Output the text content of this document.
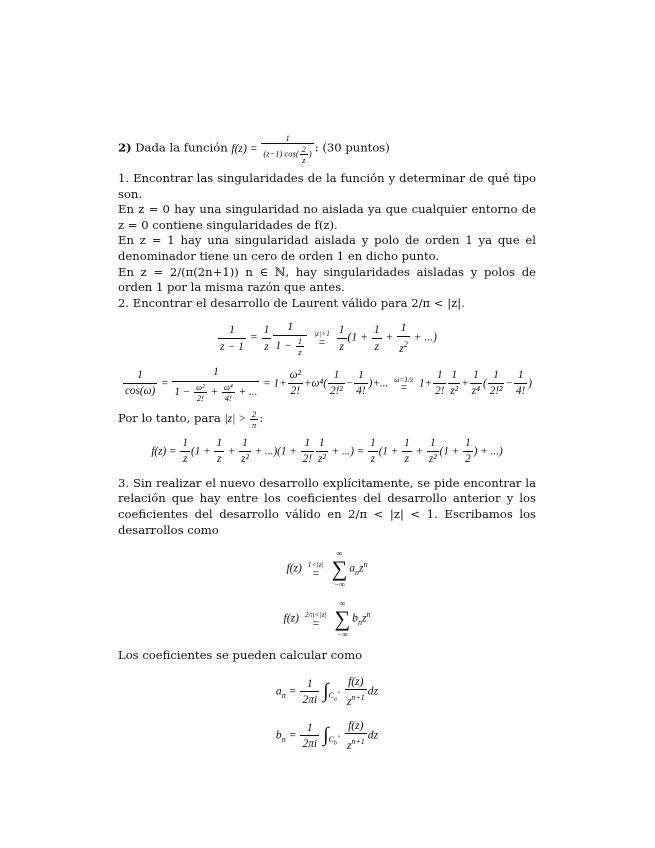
2) Dada la función $f(z) = \frac{1}{(z-1) \cos( \frac{2}{z} )}$ : (30 puntos)
1. Encontrar las singularidades de la función y determinar de qué tipo son.
En z = 0 hay una singularidad no aislada ya que cualquier entorno de z = 0 contiene singularidades de f(z).
En z = 1 hay una singularidad aislada y polo de orden 1 ya que el denominador tiene un cero de orden 1 en dicho punto.
En z = 2/(π(2n+1)) n ∈ ℕ, hay singularidades aisladas y polos de orden 1 por la misma razón que antes.
2. Encontrar el desarrollo de Laurent válido para 2/π < |z|.
$\frac{1}{z - 1} = \frac{1}{z} \frac{1}{1 - \frac{1}{z}}$
|z|>1
=
$\frac{1}{z} (1 + \frac{1}{z} + \frac{1}{z^2}$ + ...)
$\frac{1}{\cos(\omega)} = \frac{1}{1 - \frac{\text{ω²}}{2!} + \frac{\text{ω⁴}}{4!} + ...} = 1+ \frac{\text{ω²}}{2!} +\omega^4( \frac{1}{\text{2!²}} - \frac{1}{4!}$ )+... ω=1/z
= $1+ \frac{1}{2!} \frac{1}{\text{z²}} + \frac{1}{\text{z⁴}}$ ( $\frac{1}{\text{2!²}} - \frac{1}{4!}$ )
Por lo tanto, para $|z| > \frac{2}{\pi}$ :
$f(z) = \frac{1}{z} (1 + \frac{1}{z} + \frac{1}{\text{z²}} + ...)(1 + \frac{1}{2!} \frac{1}{\text{z²}}$ + ...) = $\frac{1}{z} (1 + \frac{1}{z} + \frac{1}{\text{z²}} (1 + \frac{1}{2}$ ) + ...)
3. Sin realizar el nuevo desarrollo explícitamente, se pide encontrar la relación que hay entre los coeficientes del desarrollo anterior y los coeficientes del desarrollo válido en 2/π < |z| < 1. Escribamos los desarrollos como
f(z) 1<|z|
=

∞
∑
−∞
$a_nz^n$
f(z) 2/π<|z|
=

∞
∑
−∞
$b_nz^n$
Los coeficientes se pueden calcular como
$a_n = \frac{1}{2\pi i} \int_{C_a^+} \frac{f(z)}{z^{n+1}}$ dz
$b_n = \frac{1}{2\pi i} \int_{C_b^+} \frac{f(z)}{z^{n+1}}$ dz
